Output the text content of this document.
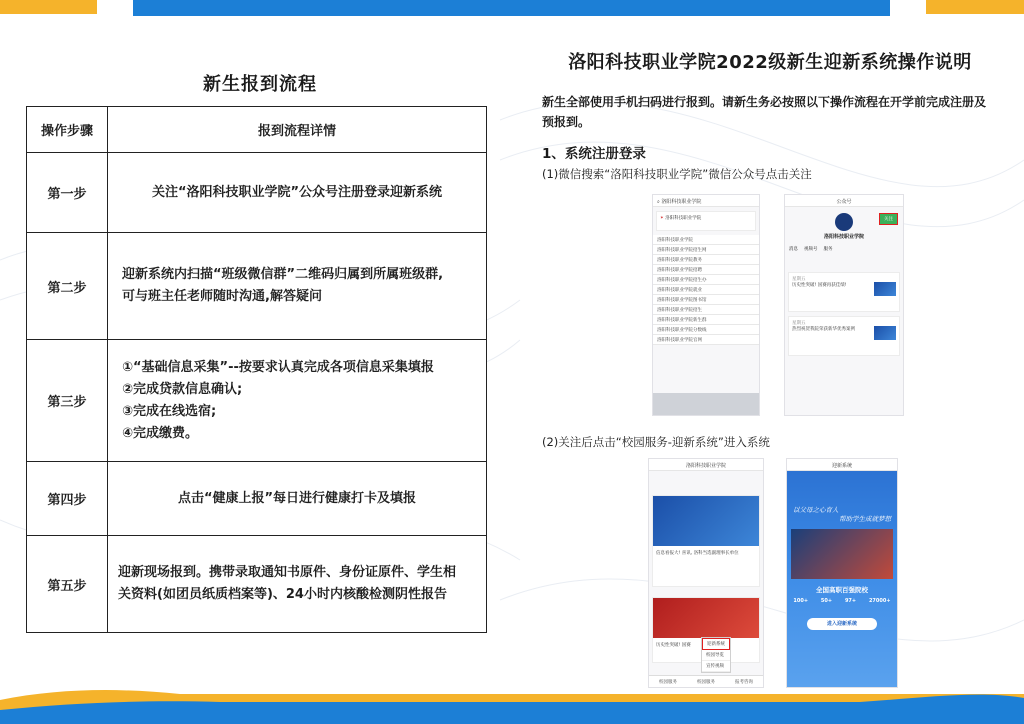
新生报到流程
操作步骤	报到流程详情
第一步	关注“洛阳科技职业学院”公众号注册登录迎新系统

第二步	迎新系统内扫描“班级微信群”二维码归属到所属班级群,
可与班主任老师随时沟通,解答疑问

第三步	①“基础信息采集”--按要求认真完成各项信息采集填报
②完成贷款信息确认;
③完成在线选宿;
④完成缴费。

第四步	点击“健康上报”每日进行健康打卡及填报

第五步	迎新现场报到。携带录取通知书原件、身份证原件、学生相
关资料(如团员纸质档案等)、24小时内核酸检测阴性报告
洛阳科技职业学院2022级新生迎新系统操作说明
新生全部使用手机扫码进行报到。请新生务必按照以下操作流程在开学前完成注册及
预报到。
1、系统注册登录
(1)微信搜索“洛阳科技职业学院”微信公众号点击关注
(2)关注后点击“校园服务-迎新系统”进入系统
⌕ 洛阳科技职业学院
✶ 洛阳科技职业学院
洛阳科技职业学院
洛阳科技职业学院招生网
洛阳科技职业学院教务
洛阳科技职业学院招聘
洛阳科技职业学院招生办
洛阳科技职业学院就业
洛阳科技职业学院图书馆
洛阳科技职业学院招生
洛阳科技职业学院新生群
洛阳科技职业学院分数线
洛阳科技职业学院官网
公众号
洛阳科技职业学院
关注
消息 视频号 服务
星期五
历史性突破! 国赛再获佳绩!
星期五
热烈祝贺我院荣获新华优秀案例
洛阳科技职业学院
信息看报大! 喜讯, 洛科当选副理事长单位
历史性突破! 国赛	迎新系统
校园导览
宣传视频
校园服务	校园服务	报考咨询
迎新系统
以父母之心育人
帮助学生成就梦想
全国高职百强院校
100+	50+	97+	27000+
进入迎新系统
